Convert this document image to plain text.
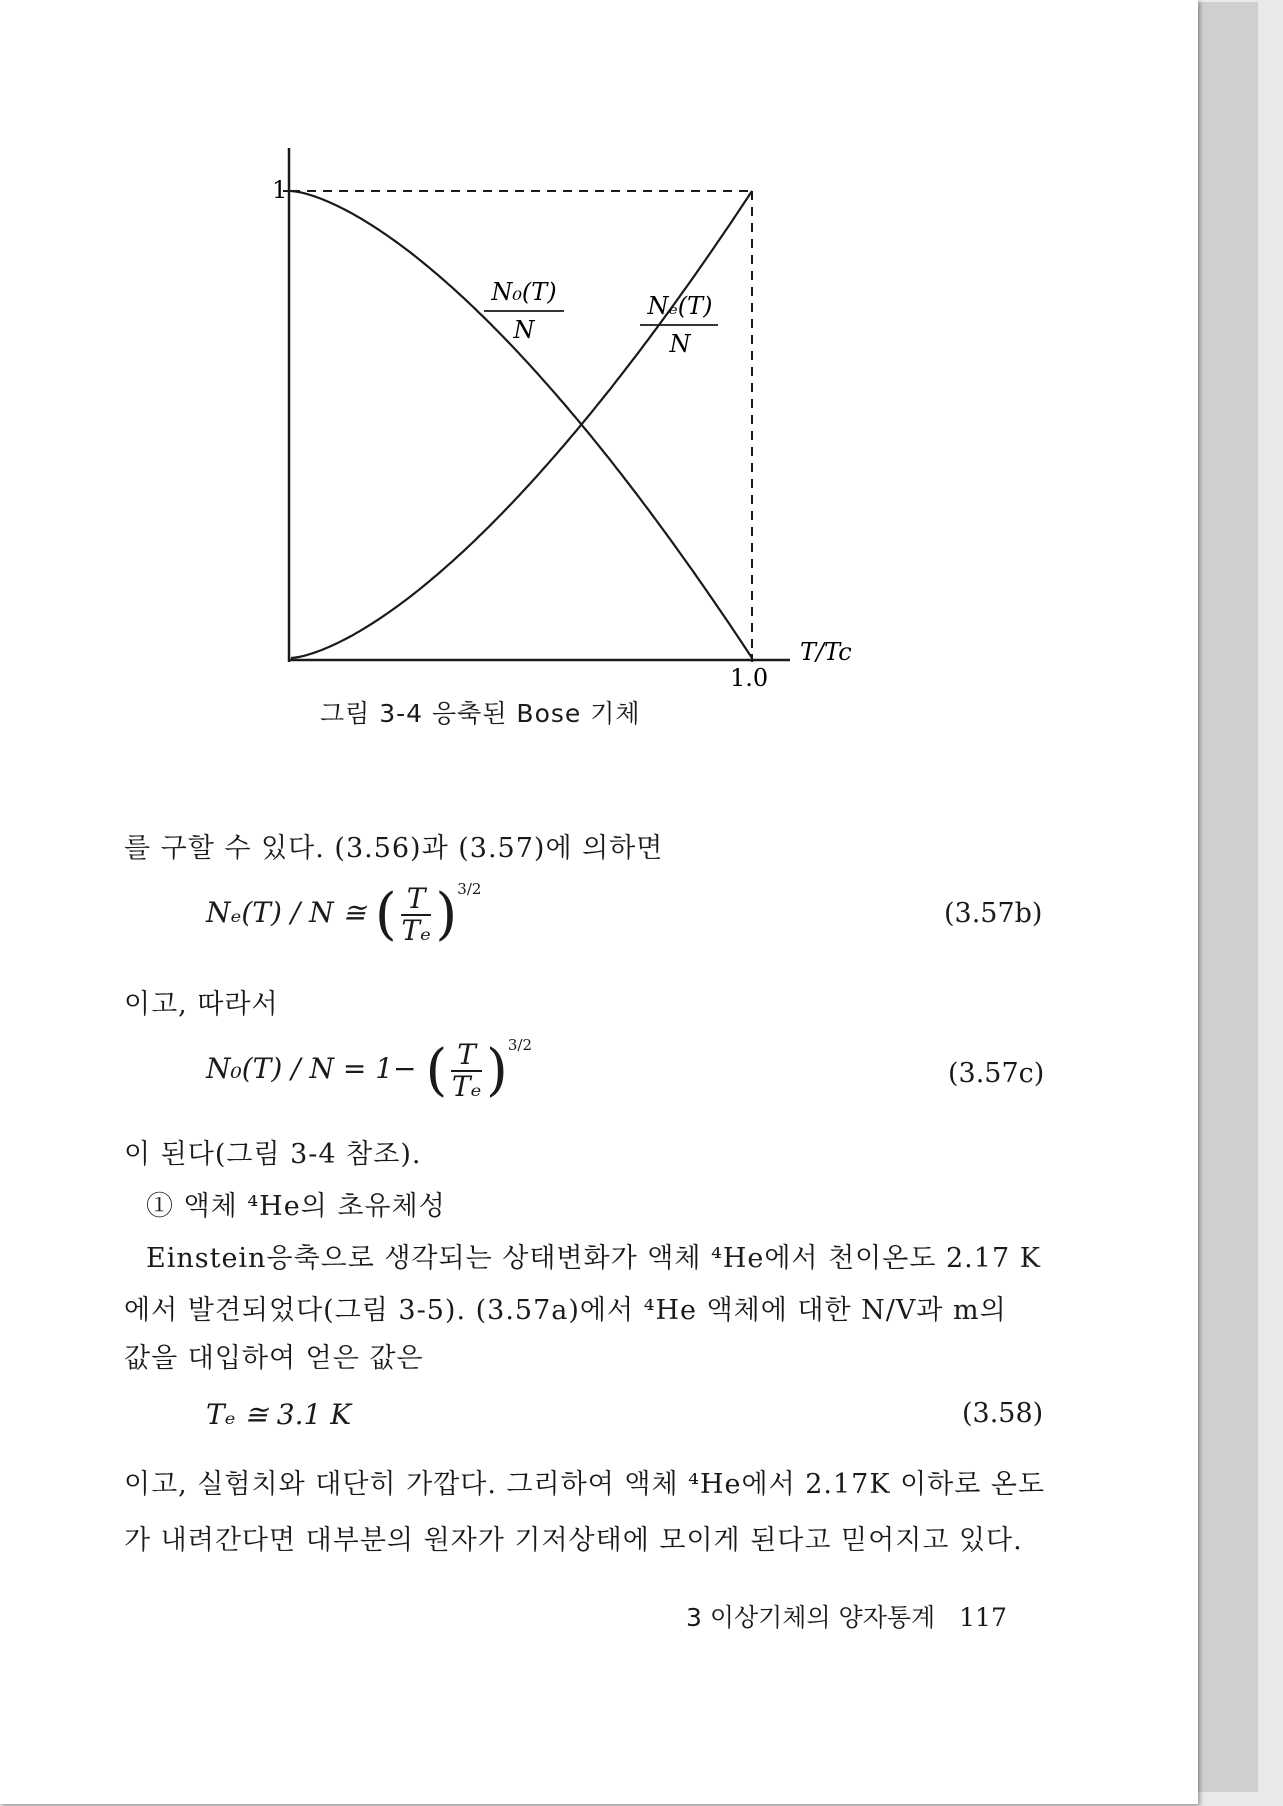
1
1.0
T/Tc
N₀(T)
N
Nₑ(T)
N
그림 3-4 응축된 Bose 기체
를 구할 수 있다. (3.56)과 (3.57)에 의하면
Nₑ(T) / N ≅ ( $\frac{T}{\text{Tₑ}} )^{3/2}$
(3.57b)
이고, 따라서
N₀(T) / N = 1− ( $\frac{T}{\text{Tₑ}} )^{3/2}$
(3.57c)
이 된다(그림 3-4 참조).
① 액체 ⁴He의 초유체성
Einstein응축으로 생각되는 상태변화가 액체 ⁴He에서 천이온도 2.17 K
에서 발견되었다(그림 3-5). (3.57a)에서 ⁴He 액체에 대한 N/V과 m의
값을 대입하여 얻은 값은
Tₑ ≅ 3.1 K	(3.58)
이고, 실험치와 대단히 가깝다. 그리하여 액체 ⁴He에서 2.17K 이하로 온도
가 내려간다면 대부분의 원자가 기저상태에 모이게 된다고 믿어지고 있다.
3 이상기체의 양자통계 117
